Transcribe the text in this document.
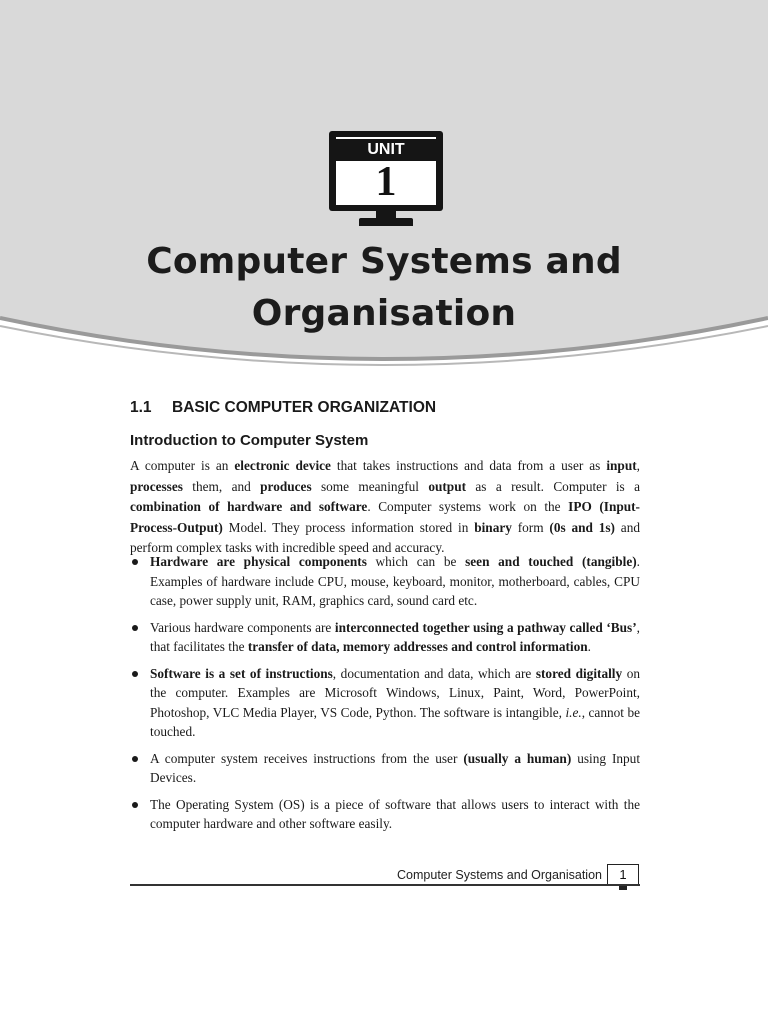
UNIT
1
Computer Systems and
Organisation
1.1 BASIC COMPUTER ORGANIZATION
Introduction to Computer System

A computer is an electronic device that takes instructions and data from a user as input, processes them, and produces some meaningful output as a result. Computer is a combination of hardware and software. Computer systems work on the IPO (Input-Process-Output) Model. They process information stored in binary form (0s and 1s) and perform complex tasks with incredible speed and accuracy.

Hardware are physical components which can be seen and touched (tangible). Examples of hardware include CPU, mouse, keyboard, monitor, motherboard, cables, CPU case, power supply unit, RAM, graphics card, sound card etc.
Various hardware components are interconnected together using a pathway called ‘Bus’, that facilitates the transfer of data, memory addresses and control information.
Software is a set of instructions, documentation and data, which are stored digitally on the computer. Examples are Microsoft Windows, Linux, Paint, Word, PowerPoint, Photoshop, VLC Media Player, VS Code, Python. The software is intangible, i.e., cannot be touched.
A computer system receives instructions from the user (usually a human) using Input Devices.
The Operating System (OS) is a piece of software that allows users to interact with the computer hardware and other software easily.
Computer Systems and Organisation	1
